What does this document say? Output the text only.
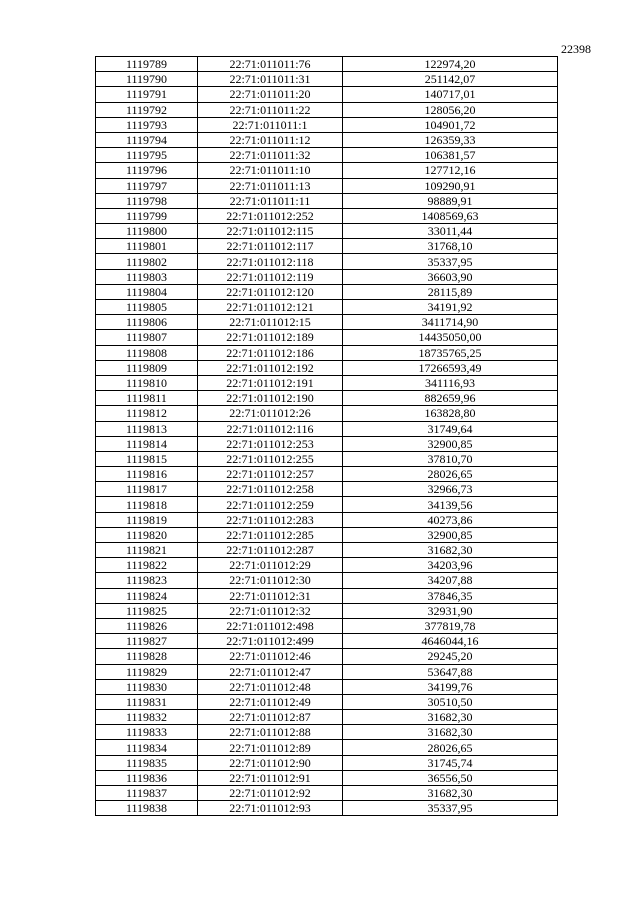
22398
1119789	22:71:011011:76	122974,20
1119790	22:71:011011:31	251142,07
1119791	22:71:011011:20	140717,01
1119792	22:71:011011:22	128056,20
1119793	22:71:011011:1	104901,72
1119794	22:71:011011:12	126359,33
1119795	22:71:011011:32	106381,57
1119796	22:71:011011:10	127712,16
1119797	22:71:011011:13	109290,91
1119798	22:71:011011:11	98889,91
1119799	22:71:011012:252	1408569,63
1119800	22:71:011012:115	33011,44
1119801	22:71:011012:117	31768,10
1119802	22:71:011012:118	35337,95
1119803	22:71:011012:119	36603,90
1119804	22:71:011012:120	28115,89
1119805	22:71:011012:121	34191,92
1119806	22:71:011012:15	3411714,90
1119807	22:71:011012:189	14435050,00
1119808	22:71:011012:186	18735765,25
1119809	22:71:011012:192	17266593,49
1119810	22:71:011012:191	341116,93
1119811	22:71:011012:190	882659,96
1119812	22:71:011012:26	163828,80
1119813	22:71:011012:116	31749,64
1119814	22:71:011012:253	32900,85
1119815	22:71:011012:255	37810,70
1119816	22:71:011012:257	28026,65
1119817	22:71:011012:258	32966,73
1119818	22:71:011012:259	34139,56
1119819	22:71:011012:283	40273,86
1119820	22:71:011012:285	32900,85
1119821	22:71:011012:287	31682,30
1119822	22:71:011012:29	34203,96
1119823	22:71:011012:30	34207,88
1119824	22:71:011012:31	37846,35
1119825	22:71:011012:32	32931,90
1119826	22:71:011012:498	377819,78
1119827	22:71:011012:499	4646044,16
1119828	22:71:011012:46	29245,20
1119829	22:71:011012:47	53647,88
1119830	22:71:011012:48	34199,76
1119831	22:71:011012:49	30510,50
1119832	22:71:011012:87	31682,30
1119833	22:71:011012:88	31682,30
1119834	22:71:011012:89	28026,65
1119835	22:71:011012:90	31745,74
1119836	22:71:011012:91	36556,50
1119837	22:71:011012:92	31682,30
1119838	22:71:011012:93	35337,95
